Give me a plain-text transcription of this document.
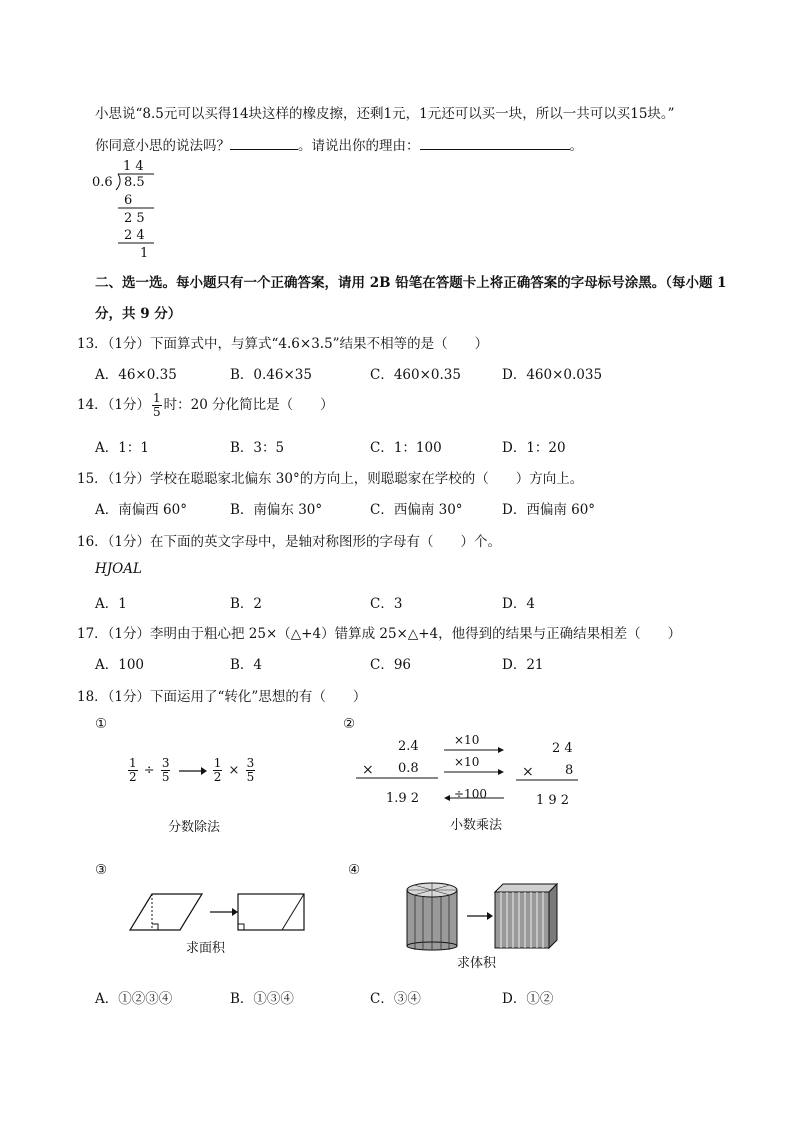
小思说“8.5元可以买得14块这样的橡皮擦，还剩1元，1元还可以买一块，所以一共可以买15块。”
你同意小思的说法吗？	。请说出你的理由：	。
1 4
0.6 8.5
6
2 5
2 4
1
二、选一选。每小题只有一个正确答案，请用 2B 铅笔在答题卡上将正确答案的字母标号涂黑。（每小题 1
分，共 9 分）
13．（1分）下面算式中，与算式“4.6×3.5”结果不相等的是（　　）
A．46×0.35	B．0.46×35	C．460×0.35	D．460×0.035
14．（1分） $\frac{1}{5}$ 时：20 分化简比是（　　）
A．1：1	B．3：5	C．1：100	D．1：20
15．（1分）学校在聪聪家北偏东 30°的方向上，则聪聪家在学校的（　　）方向上。
A．南偏西 60°	B．南偏东 30°	C．西偏南 30°	D．西偏南 60°
16．（1分）在下面的英文字母中，是轴对称图形的字母有（　　）个。
HJOAL
A．1	B．2	C．3	D．4
17．（1分）李明由于粗心把 25×（△+4）错算成 25×△+4，他得到的结果与正确结果相差（　　）
A．100	B．4	C．96	D．21
18．（1分）下面运用了“转化”思想的有（　　）
①
$\frac{1}{2} \div \frac{3}{5}$
	$\frac{1}{2} \times \frac{3}{5}$
分数除法
②
2.4
× 0.8
1.9 2
×10
×10
÷100
2 4
× 8
1 9 2
小数乘法
③
求面积
④
求体积
A．①②③④	B．①③④	C．③④	D．①②
